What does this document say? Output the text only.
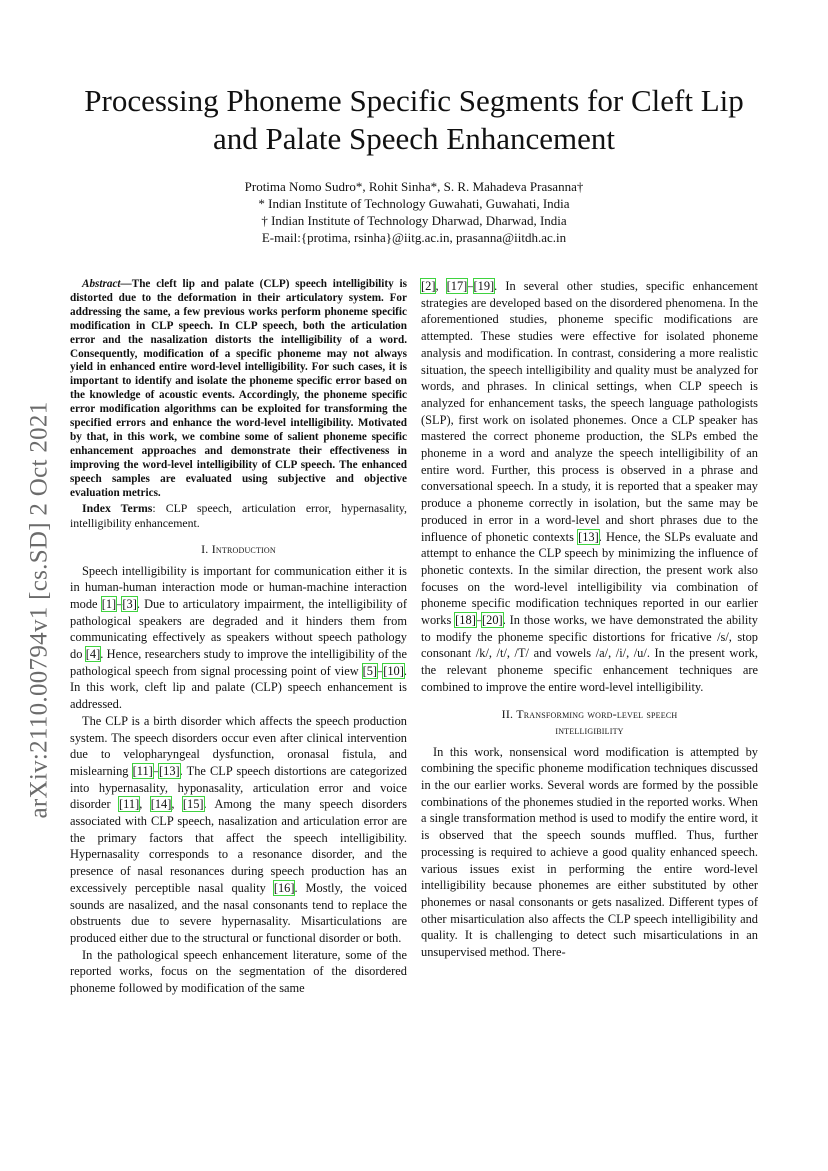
arXiv:2110.00794v1 [cs.SD] 2 Oct 2021
Processing Phoneme Specific Segments for Cleft Lip and Palate Speech Enhancement
Protima Nomo Sudro*, Rohit Sinha*, S. R. Mahadeva Prasanna†
* Indian Institute of Technology Guwahati, Guwahati, India
† Indian Institute of Technology Dharwad, Dharwad, India
E-mail:{protima, rsinha}@iitg.ac.in, prasanna@iitdh.ac.in

Abstract—The cleft lip and palate (CLP) speech intelligibility is distorted due to the deformation in their articulatory system. For addressing the same, a few previous works perform phoneme specific modification in CLP speech. In CLP speech, both the articulation error and the nasalization distorts the intelligibility of a word. Consequently, modification of a specific phoneme may not always yield in enhanced entire word-level intelligibility. For such cases, it is important to identify and isolate the phoneme specific error based on the knowledge of acoustic events. Accordingly, the phoneme specific error modification algorithms can be exploited for transforming the specified errors and enhance the word-level intelligibility. Motivated by that, in this work, we combine some of salient phoneme specific enhancement approaches and demonstrate their effectiveness in improving the word-level intelligibility of CLP speech. The enhanced speech samples are evaluated using subjective and objective evaluation metrics.

Index Terms: CLP speech, articulation error, hypernasality, intelligibility enhancement.

I. Introduction

Speech intelligibility is important for communication either it is in human-human interaction mode or human-machine interaction mode [1]–[3]. Due to articulatory impairment, the intelligibility of pathological speakers are degraded and it hinders them from communicating effectively as speakers without speech pathology do [4]. Hence, researchers study to improve the intelligibility of the pathological speech from signal processing point of view [5]–[10]. In this work, cleft lip and palate (CLP) speech enhancement is addressed.

The CLP is a birth disorder which affects the speech production system. The speech disorders occur even after clinical intervention due to velopharyngeal dysfunction, oronasal fistula, and mislearning [11]–[13]. The CLP speech distortions are categorized into hypernasality, hyponasality, articulation error and voice disorder [11], [14], [15]. Among the many speech disorders associated with CLP speech, nasalization and articulation error are the primary factors that affect the speech intelligibility. Hypernasality corresponds to a resonance disorder, and the presence of nasal resonances during speech production has an excessively perceptible nasal quality [16]. Mostly, the voiced sounds are nasalized, and the nasal consonants tend to replace the obstruents due to severe hypernasality. Misarticulations are produced either due to the structural or functional disorder or both.

In the pathological speech enhancement literature, some of the reported works, focus on the segmentation of the disordered phoneme followed by modification of the same

[2], [17]–[19]. In several other studies, specific enhancement strategies are developed based on the disordered phenomena. In the aforementioned studies, phoneme specific modifications are attempted. These studies were effective for isolated phoneme analysis and modification. In contrast, considering a more realistic situation, the speech intelligibility and quality must be analyzed for words, and phrases. In clinical settings, when CLP speech is analyzed for enhancement tasks, the speech language pathologists (SLP), first work on isolated phonemes. Once a CLP speaker has mastered the correct phoneme production, the SLPs embed the phoneme in a word and analyze the speech intelligibility of an entire word. Further, this process is observed in a phrase and conversational speech. In a study, it is reported that a speaker may produce a phoneme correctly in isolation, but the same may be produced in error in a word-level and short phrases due to the influence of phonetic contexts [13]. Hence, the SLPs evaluate and attempt to enhance the CLP speech by minimizing the influence of phonetic contexts. In the similar direction, the present work also focuses on the word-level intelligibility via combination of phoneme specific modification techniques reported in our earlier works [18]–[20]. In those works, we have demonstrated the ability to modify the phoneme specific distortions for fricative /s/, stop consonant /k/, /t/, /T/ and vowels /a/, /i/, /u/. In the present work, the relevant phoneme specific enhancement techniques are combined to improve the entire word-level intelligibility.

II. Transforming word-level speech
intelligibility

In this work, nonsensical word modification is attempted by combining the specific phoneme modification techniques discussed in the our earlier works. Several words are formed by the possible combinations of the phonemes studied in the reported works. When a single transformation method is used to modify the entire word, it is observed that the speech sounds muffled. Thus, further processing is required to achieve a good quality enhanced speech. various issues exist in performing the entire word-level intelligibility because phonemes are either substituted by other phonemes or nasal consonants or gets nasalized. Different types of other misarticulation also affects the CLP speech intelligibility and quality. It is challenging to detect such misarticulations in an unsupervised method. There-
